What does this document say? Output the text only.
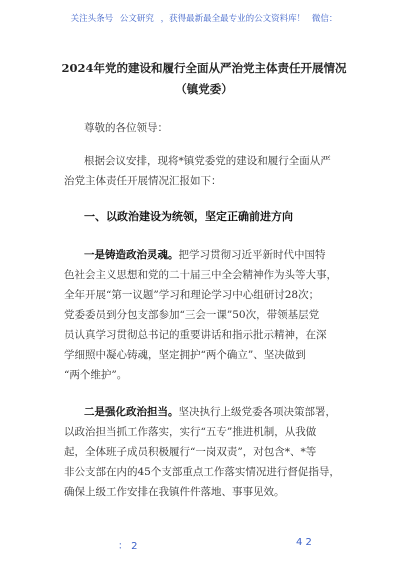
关注头条号 公文研究 ，获得最新最全最专业的公文资料库！ 微信：
2024年党的建设和履行全面从严治党主体责任开展情况
（镇党委）
尊敬的各位领导：
根据会议安排，现将*镇党委党的建设和履行全面从严
治党主体责任开展情况汇报如下：
一、以政治建设为统领，坚定正确前进方向
一是铸造政治灵魂。把学习贯彻习近平新时代中国特
色社会主义思想和党的二十届三中全会精神作为头等大事，
全年开展“第一议题”学习和理论学习中心组研讨28次；
党委委员到分包支部参加“三会一课”50次，带领基层党
员认真学习贯彻总书记的重要讲话和指示批示精神，在深
学细照中凝心铸魂，坚定拥护“两个确立”、坚决做到
“两个维护”。
二是强化政治担当。坚决执行上级党委各项决策部署，
以政治担当抓工作落实，实行“五专”推进机制，从我做
起，全体班子成员积极履行“一岗双责”，对包含*、*等
非公支部在内的45个支部重点工作落实情况进行督促指导，
确保上级工作安排在我镇件件落地、事事见效。
： 2	4 2
